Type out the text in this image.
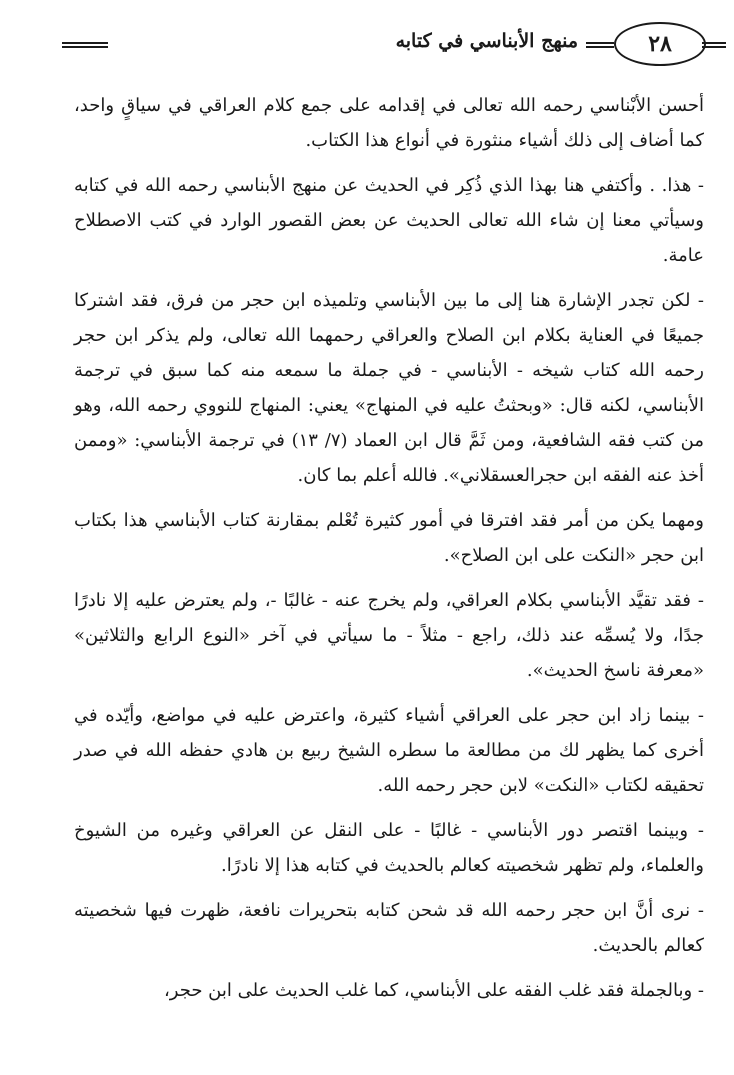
٢٨
منهج الأبناسي في كتابه

أحسن الأبْناسي رحمه الله تعالى في إقدامه على جمع كلام العراقي في سياقٍ واحد، كما أضاف إلى ذلك أشياء منثورة في أنواع هذا الكتاب.

- هذا. . وأكتفي هنا بهذا الذي ذُكِر في الحديث عن منهج الأبناسي رحمه الله في كتابه وسيأتي معنا إن شاء الله تعالى الحديث عن بعض القصور الوارد في كتب الاصطلاح عامة.

- لكن تجدر الإشارة هنا إلى ما بين الأبناسي وتلميذه ابن حجر من فرق، فقد اشتركا جميعًا في العناية بكلام ابن الصلاح والعراقي رحمهما الله تعالى، ولم يذكر ابن حجر رحمه الله كتاب شيخه - الأبناسي - في جملة ما سمعه منه كما سبق في ترجمة الأبناسي، لكنه قال: «وبحثتُ عليه في المنهاج» يعني: المنهاج للنووي رحمه الله، وهو من كتب فقه الشافعية، ومن ثَمَّ قال ابن العماد (٧/ ١٣) في ترجمة الأبناسي: «وممن أخذ عنه الفقه ابن حجرالعسقلاني». فالله أعلم بما كان.

ومهما يكن من أمر فقد افترقا في أمور كثيرة تُعْلم بمقارنة كتاب الأبناسي هذا بكتاب ابن حجر «النكت على ابن الصلاح».

- فقد تقيَّد الأبناسي بكلام العراقي، ولم يخرج عنه - غالبًا -، ولم يعترض عليه إلا نادرًا جدًا، ولا يُسمِّه عند ذلك، راجع - مثلاً - ما سيأتي في آخر «النوع الرابع والثلاثين» «معرفة ناسخ الحديث».

- بينما زاد ابن حجر على العراقي أشياء كثيرة، واعترض عليه في مواضع، وأيّده في أخرى كما يظهر لك من مطالعة ما سطره الشيخ ربيع بن هادي حفظه الله في صدر تحقيقه لكتاب «النكت» لابن حجر رحمه الله.

- وبينما اقتصر دور الأبناسي - غالبًا - على النقل عن العراقي وغيره من الشيوخ والعلماء، ولم تظهر شخصيته كعالم بالحديث في كتابه هذا إلا نادرًا.

- نرى أنَّ ابن حجر رحمه الله قد شحن كتابه بتحريرات نافعة، ظهرت فيها شخصيته كعالم بالحديث.

- وبالجملة فقد غلب الفقه على الأبناسي، كما غلب الحديث على ابن حجر،
